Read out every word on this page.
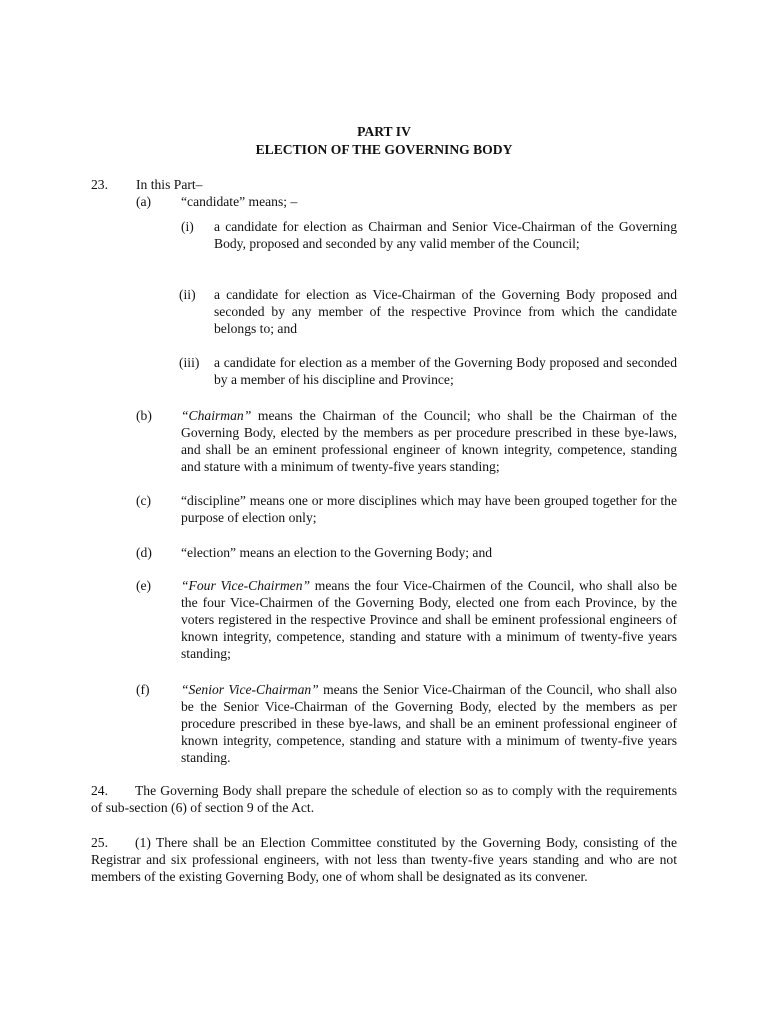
PART IV
ELECTION OF THE GOVERNING BODY
23. In this Part–
(a) “candidate” means; –
(i) a candidate for election as Chairman and Senior Vice-Chairman of the Governing Body, proposed and seconded by any valid member of the Council;
(ii) a candidate for election as Vice-Chairman of the Governing Body proposed and seconded by any member of the respective Province from which the candidate belongs to; and
(iii) a candidate for election as a member of the Governing Body proposed and seconded by a member of his discipline and Province;
(b) “Chairman” means the Chairman of the Council; who shall be the Chairman of the Governing Body, elected by the members as per procedure prescribed in these bye-laws, and shall be an eminent professional engineer of known integrity, competence, standing and stature with a minimum of twenty-five years standing;
(c) “discipline” means one or more disciplines which may have been grouped together for the purpose of election only;
(d) “election” means an election to the Governing Body; and
(e) “Four Vice-Chairmen” means the four Vice-Chairmen of the Council, who shall also be the four Vice-Chairmen of the Governing Body, elected one from each Province, by the voters registered in the respective Province and shall be eminent professional engineers of known integrity, competence, standing and stature with a minimum of twenty-five years standing;
(f) “Senior Vice-Chairman” means the Senior Vice-Chairman of the Council, who shall also be the Senior Vice-Chairman of the Governing Body, elected by the members as per procedure prescribed in these bye-laws, and shall be an eminent professional engineer of known integrity, competence, standing and stature with a minimum of twenty-five years standing.
24. The Governing Body shall prepare the schedule of election so as to comply with the requirements of sub-section (6) of section 9 of the Act.
25. (1) There shall be an Election Committee constituted by the Governing Body, consisting of the Registrar and six professional engineers, with not less than twenty-five years standing and who are not members of the existing Governing Body, one of whom shall be designated as its convener.
